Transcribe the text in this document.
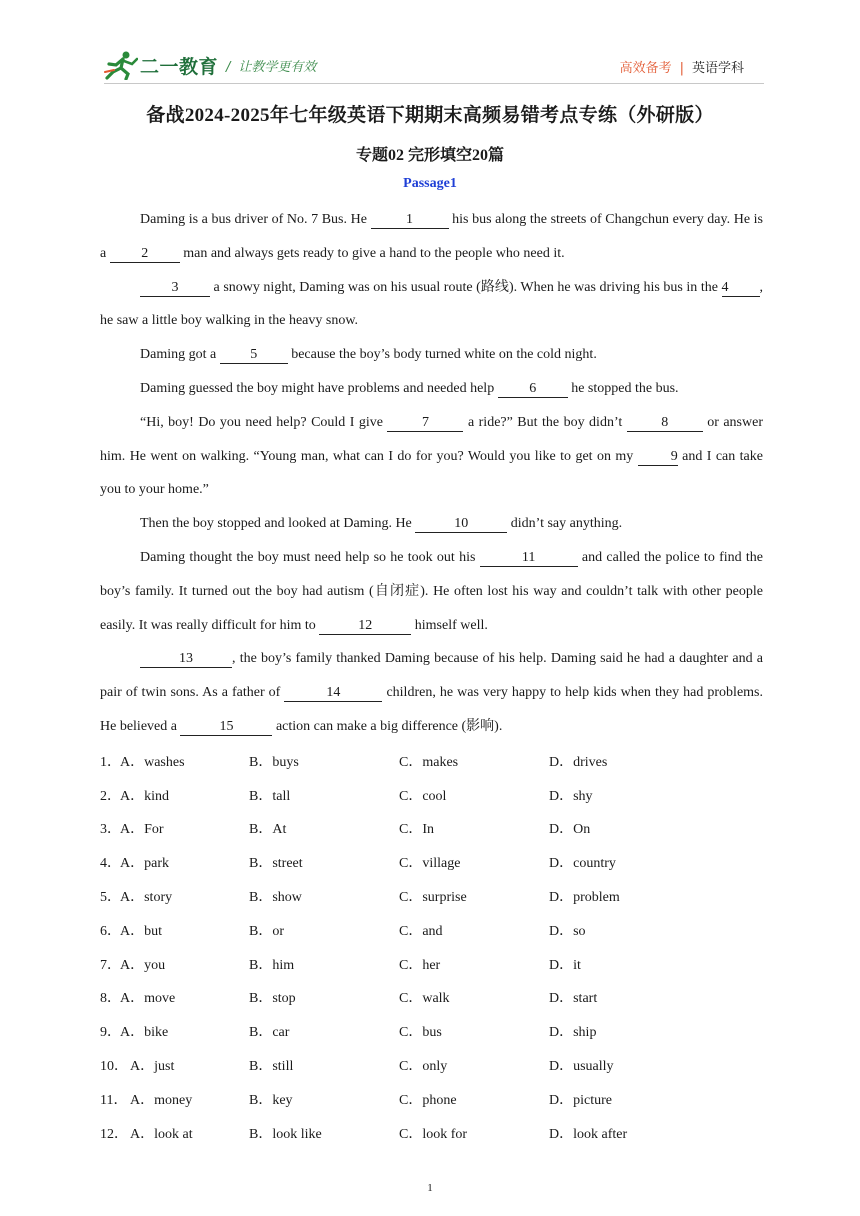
二一教育 / 让教学更有效	高效备考 | 英语学科
备战2024-2025年七年级英语下期期末高频易错考点专练（外研版）
专题02 完形填空20篇
Passage1

Daming is a bus driver of No. 7 Bus. He	1	his bus along the streets of Changchun every day. He is a 2 man and always gets ready to give a hand to the people who need it.

3 a snowy night, Daming was on his usual route (路线). When he was driving his bus in the 4 , he saw a little boy walking in the heavy snow.

Daming got a 5 because the boy’s body turned white on the cold night.

Daming guessed the boy might have problems and needed help 6 he stopped the bus.

“Hi, boy! Do you need help? Could I give 7 a ride?” But the boy didn’t 8 or answer him. He went on walking. “Young man, what can I do for you? Would you like to get on my 9 and I can take you to your home.”

Then the boy stopped and looked at Daming. He	10	didn’t say anything.

Daming thought the boy must need help so he took out his	11	and called the police to find the boy’s family. It turned out the boy had autism (自闭症). He often lost his way and couldn’t talk with other people easily. It was really difficult for him to	12	himself well.

13	, the boy’s family thanked Daming because of his help. Daming said he had a daughter and a pair of twin sons. As a father of	14	children, he was very happy to help kids when they had problems. He believed a	15	action can make a big difference (影响).

1． A．washes	B．buys	C．makes	D．drives
2． A．kind	B．tall	C．cool	D．shy
3． A．For	B．At	C．In	D．On
4． A．park	B．street	C．village	D．country
5． A．story	B．show	C．surprise	D．problem
6． A．but	B．or	C．and	D．so
7． A．you	B．him	C．her	D．it
8． A．move	B．stop	C．walk	D．start
9． A．bike	B．car	C．bus	D．ship
10． A．just	B．still	C．only	D．usually
11． A．money	B．key	C．phone	D．picture
12． A．look at	B．look like	C．look for	D．look after
1
